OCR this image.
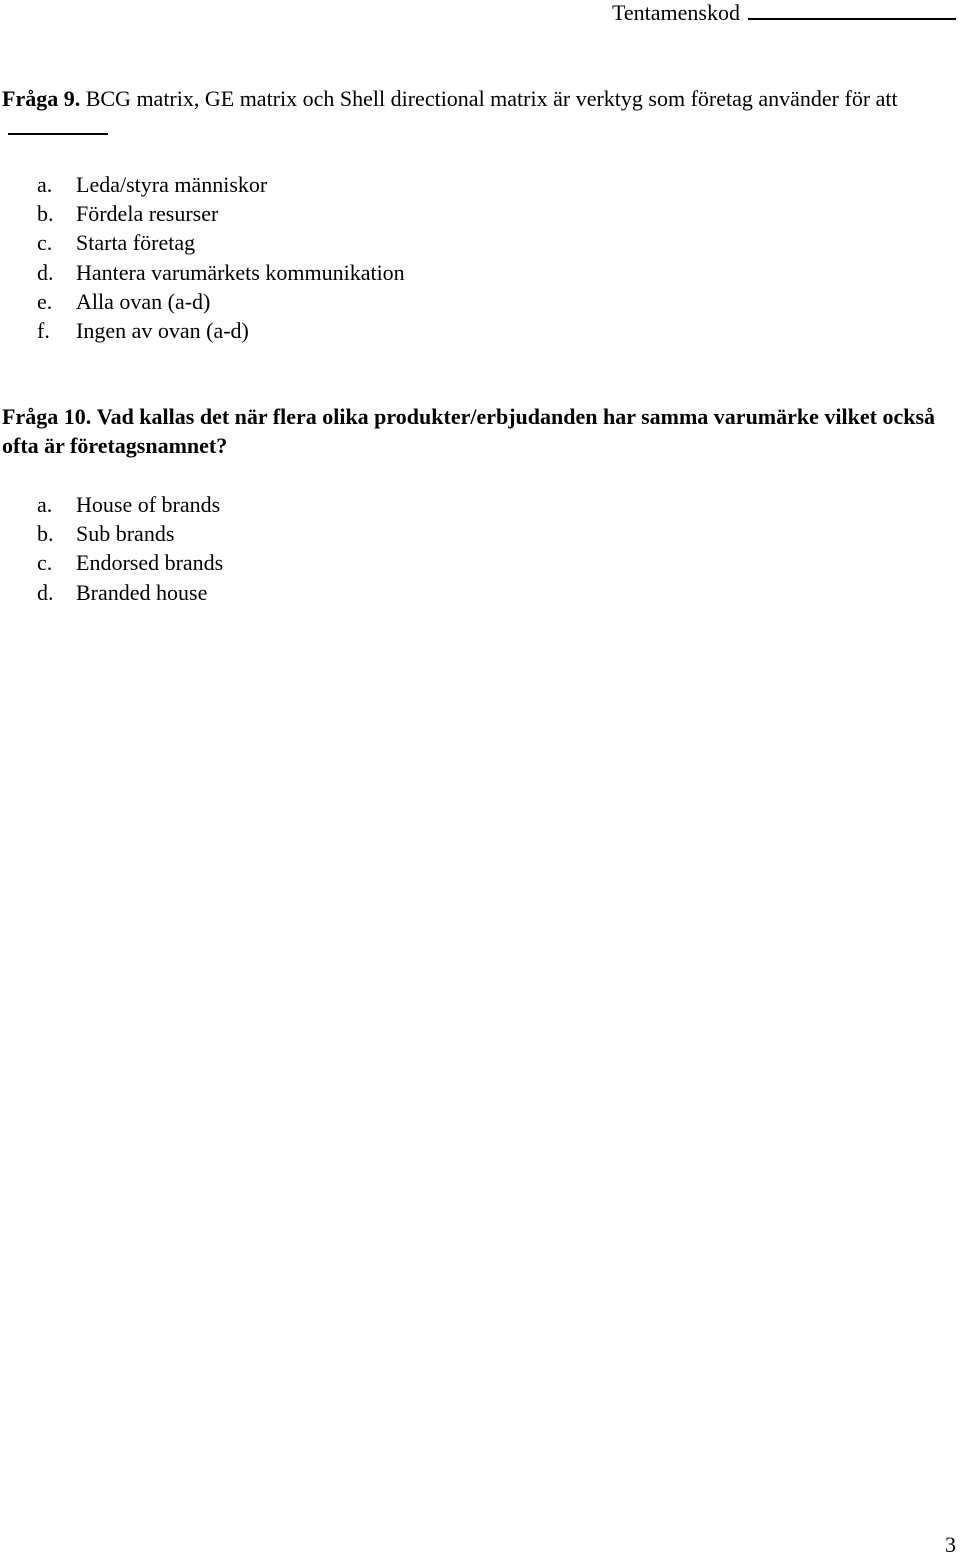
Tentamenskod
Fråga 9. BCG matrix, GE matrix och Shell directional matrix är verktyg som företag använder för att
a.	Leda/styra människor
b.	Fördela resurser
c.	Starta företag
d.	Hantera varumärkets kommunikation
e.	Alla ovan (a-d)
f.	Ingen av ovan (a-d)
Fråga 10. Vad kallas det när flera olika produkter/erbjudanden har samma varumärke vilket också ofta är företagsnamnet?
a.	House of brands
b.	Sub brands
c.	Endorsed brands
d.	Branded house
3
